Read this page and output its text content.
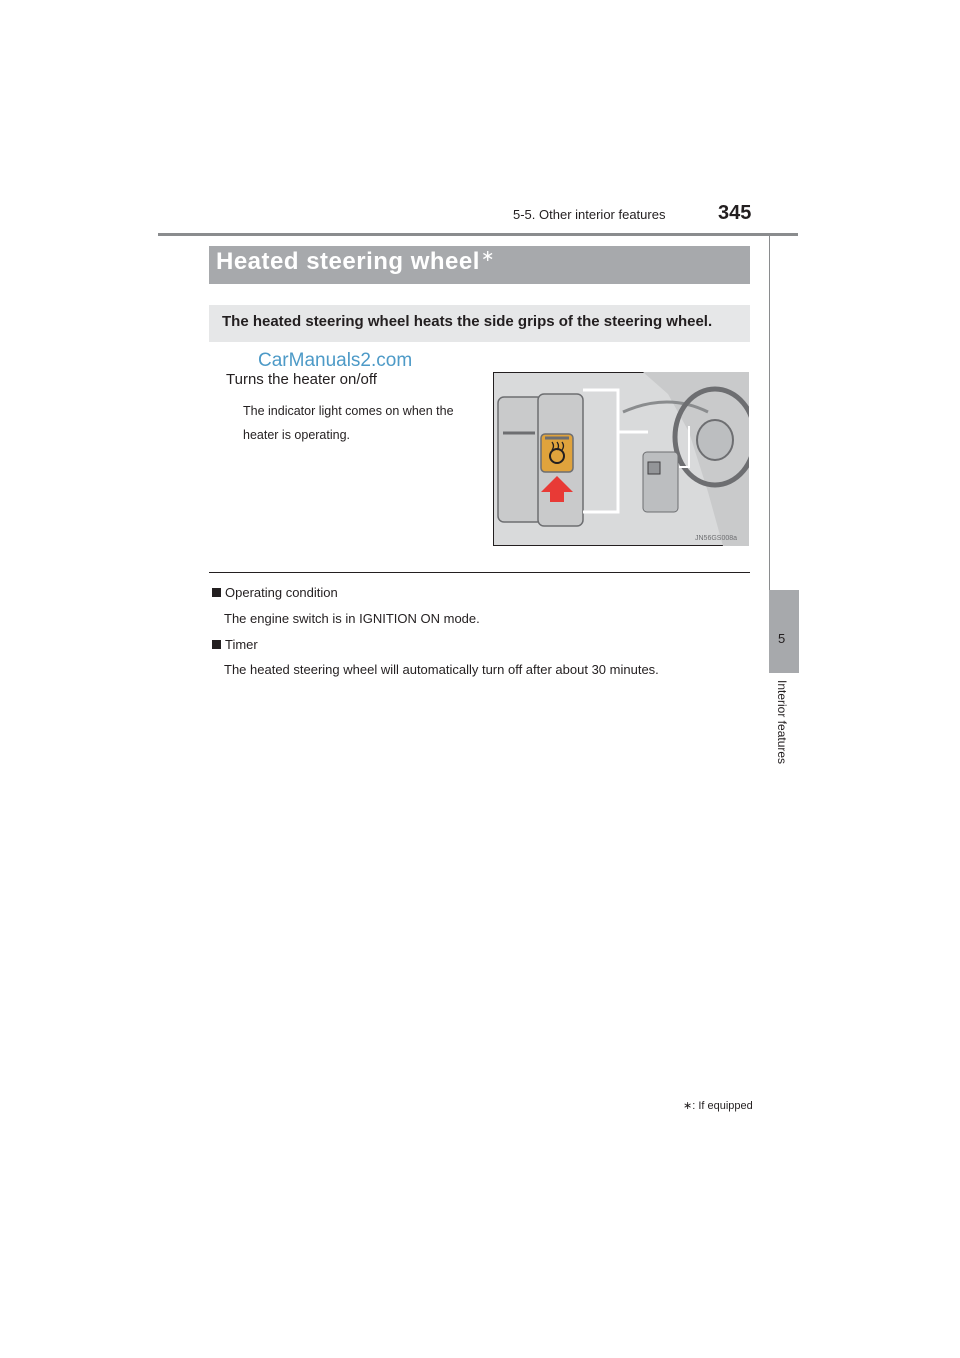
5-5. Other interior features	345
Heated steering wheel ∗
The heated steering wheel heats the side grips of the steering wheel.
CarManuals2.com
Turns the heater on/off
The indicator light comes on when the heater is operating.
JN56GS008a
Operating condition
The engine switch is in IGNITION ON mode.
Timer
The heated steering wheel will automatically turn off after about 30 minutes.
∗: If equipped
5
Interior features
